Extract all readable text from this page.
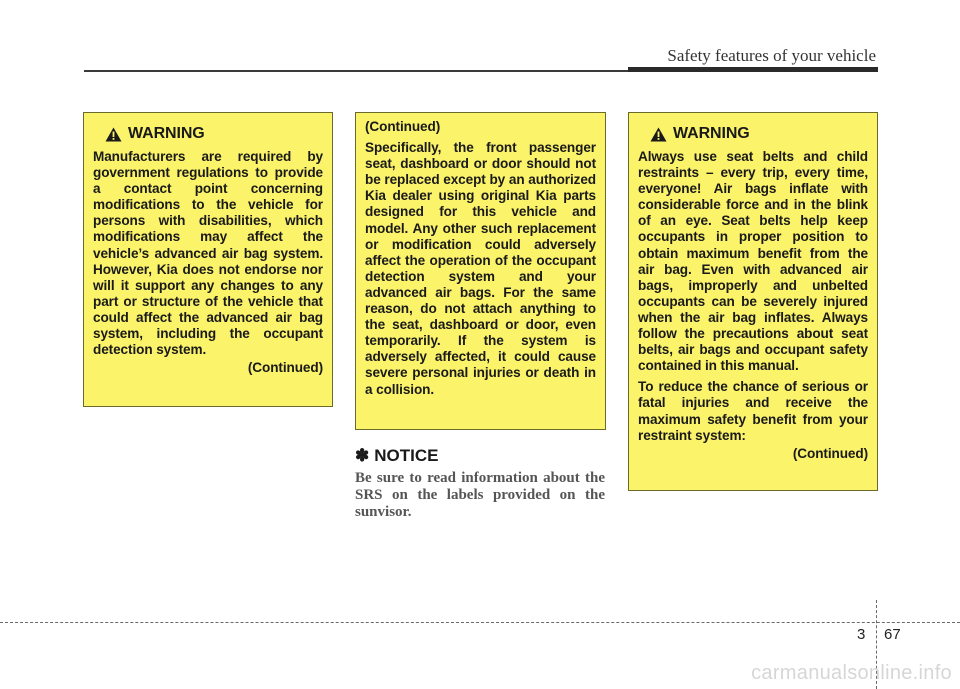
Safety features of your vehicle
WARNING

Manufacturers are required by government regulations to provide a contact point concerning modifications to the vehicle for persons with disabilities, which modifications may affect the vehicle’s advanced air bag system. However, Kia does not endorse nor will it support any changes to any part or structure of the vehicle that could affect the advanced air bag system, including the occupant detection system.

(Continued)

(Continued)

Specifically, the front passenger seat, dashboard or door should not be replaced except by an authorized Kia dealer using original Kia parts designed for this vehicle and model. Any other such replacement or modification could adversely affect the operation of the occupant detection system and your advanced air bags. For the same reason, do not attach anything to the seat, dashboard or door, even temporarily. If the system is adversely affected, it could cause severe personal injuries or death in a collision.

WARNING

Always use seat belts and child restraints – every trip, every time, everyone! Air bags inflate with considerable force and in the blink of an eye. Seat belts help keep occupants in proper position to obtain maximum benefit from the air bag. Even with advanced air bags, improperly and unbelted occupants can be severely injured when the air bag inflates. Always follow the precautions about seat belts, air bags and occupant safety contained in this manual.

To reduce the chance of serious or fatal injuries and receive the maximum safety benefit from your restraint system:

(Continued)

✽ NOTICE
Be sure to read information about the SRS on the labels provided on the sunvisor.
3 67
carmanualsonline.info
